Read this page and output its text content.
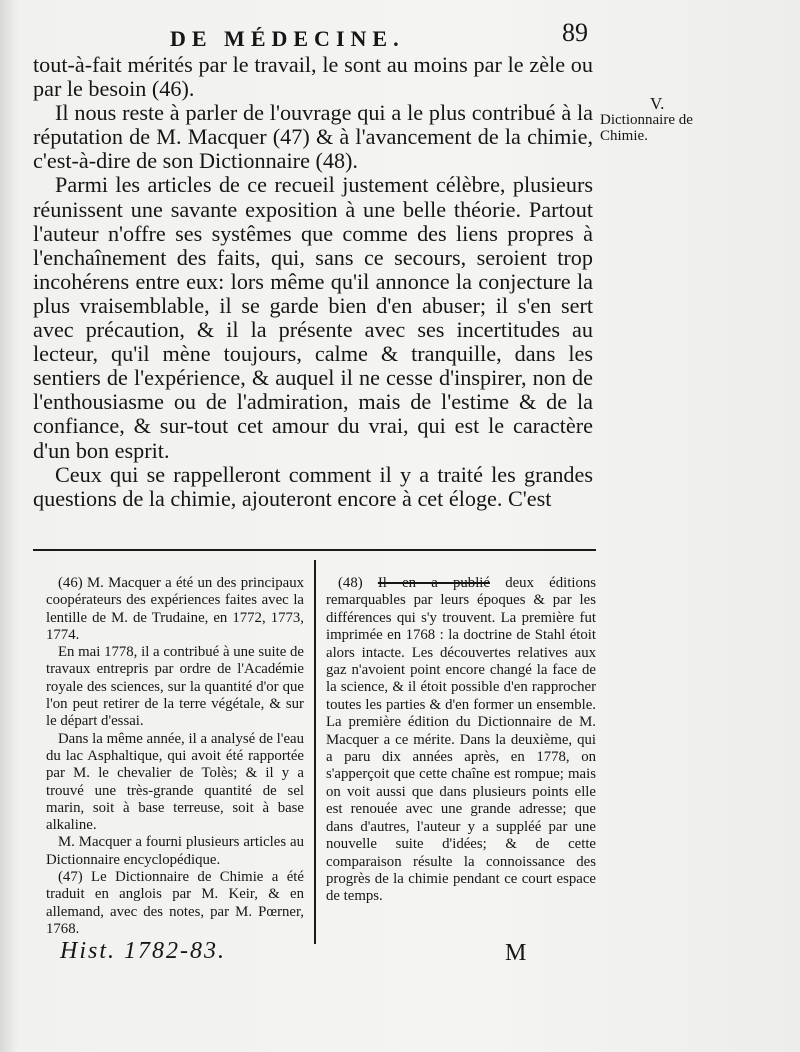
DE MÉDECINE.	89
V.
Dictionnaire de Chimie.

tout-à-fait mérités par le travail, le sont au moins par le zèle ou par le besoin (46).

Il nous reste à parler de l'ouvrage qui a le plus contribué à la réputation de M. Macquer (47) & à l'avancement de la chimie, c'est-à-dire de son Dictionnaire (48).

Parmi les articles de ce recueil justement célèbre, plusieurs réunissent une savante exposition à une belle théorie. Partout l'auteur n'offre ses systêmes que comme des liens propres à l'enchaînement des faits, qui, sans ce secours, seroient trop incohérens entre eux: lors même qu'il annonce la conjecture la plus vraisemblable, il se garde bien d'en abuser; il s'en sert avec précaution, & il la présente avec ses incertitudes au lecteur, qu'il mène toujours, calme & tranquille, dans les sentiers de l'expérience, & auquel il ne cesse d'inspirer, non de l'enthousiasme ou de l'admiration, mais de l'estime & de la confiance, & sur-tout cet amour du vrai, qui est le caractère d'un bon esprit.

Ceux qui se rappelleront comment il y a traité les grandes questions de la chimie, ajouteront encore à cet éloge. C'est

(46) M. Macquer a été un des principaux coopérateurs des expériences faites avec la lentille de M. de Trudaine, en 1772, 1773, 1774.

En mai 1778, il a contribué à une suite de travaux entrepris par ordre de l'Académie royale des sciences, sur la quantité d'or que l'on peut retirer de la terre végétale, & sur le départ d'essai.

Dans la même année, il a analysé de l'eau du lac Asphaltique, qui avoit été rapportée par M. le chevalier de Tolès; & il y a trouvé une très-grande quantité de sel marin, soit à base terreuse, soit à base alkaline.

M. Macquer a fourni plusieurs articles au Dictionnaire encyclopédique.

(47) Le Dictionnaire de Chimie a été traduit en anglois par M. Keir, & en allemand, avec des notes, par M. Pœrner, 1768.

(48) Il en a publié deux éditions remarquables par leurs époques & par les différences qui s'y trouvent. La première fut imprimée en 1768 : la doctrine de Stahl étoit alors intacte. Les découvertes relatives aux gaz n'avoient point encore changé la face de la science, & il étoit possible d'en rapprocher toutes les parties & d'en former un ensemble. La première édition du Dictionnaire de M. Macquer a ce mérite. Dans la deuxième, qui a paru dix années après, en 1778, on s'apperçoit que cette chaîne est rompue; mais on voit aussi que dans plusieurs points elle est renouée avec une grande adresse; que dans d'autres, l'auteur y a suppléé par une nouvelle suite d'idées; & de cette comparaison résulte la connoissance des progrès de la chimie pendant ce court espace de temps.

Hist. 1782-83.	M
